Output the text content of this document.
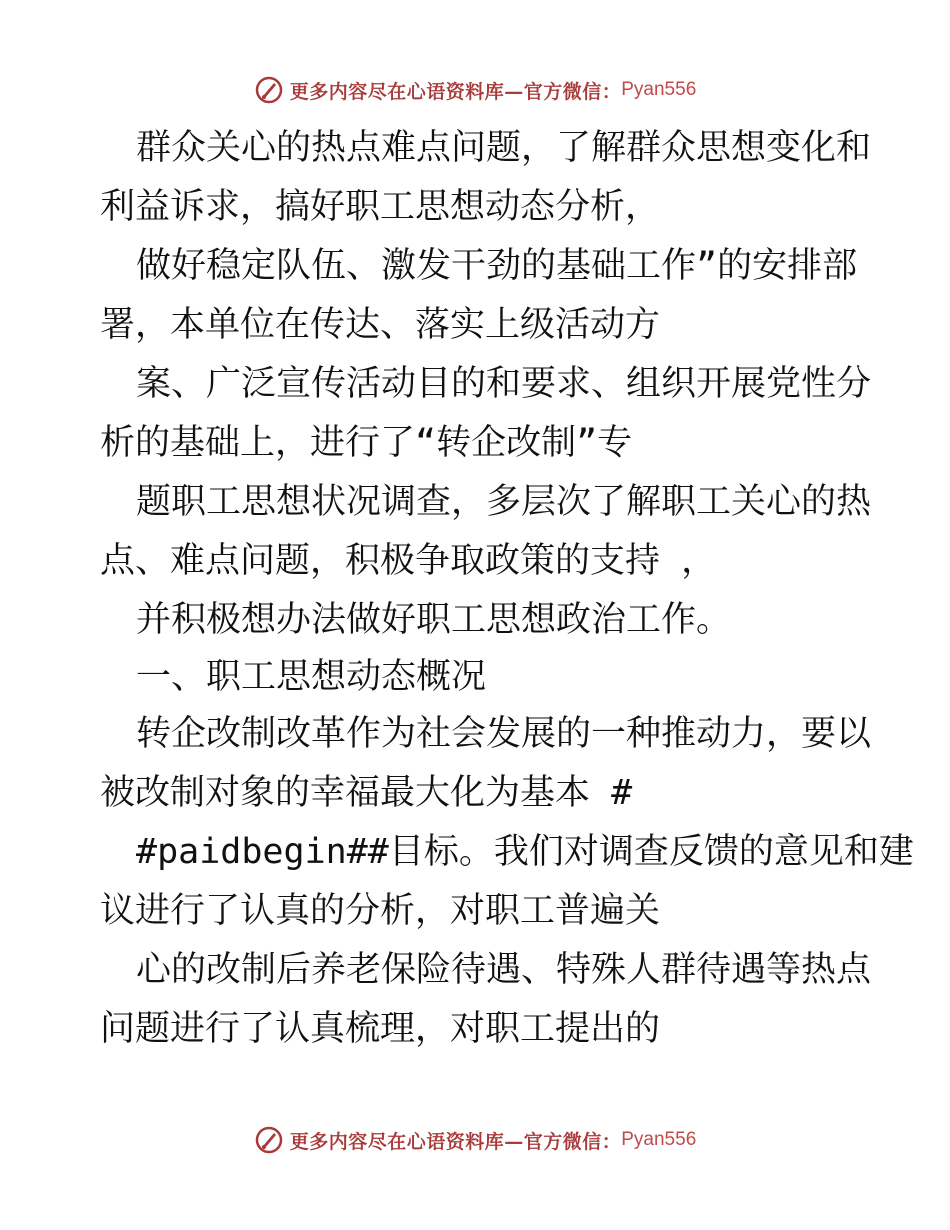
更多内容尽在心语资料库—官方微信： Pyan556
群众关心的热点难点问题，了解群众思想变化和
利益诉求，搞好职工思想动态分析，
做好稳定队伍、激发干劲的基础工作”的安排部
署，本单位在传达、落实上级活动方
案、广泛宣传活动目的和要求、组织开展党性分
析的基础上，进行了“转企改制”专
题职工思想状况调查，多层次了解职工关心的热
点、难点问题，积极争取政策的支持 ，
并积极想办法做好职工思想政治工作。
一、职工思想动态概况
转企改制改革作为社会发展的一种推动力，要以
被改制对象的幸福最大化为基本 #
#paidbegin##目标。我们对调查反馈的意见和建
议进行了认真的分析，对职工普遍关
心的改制后养老保险待遇、特殊人群待遇等热点
问题进行了认真梳理，对职工提出的
更多内容尽在心语资料库—官方微信： Pyan556
